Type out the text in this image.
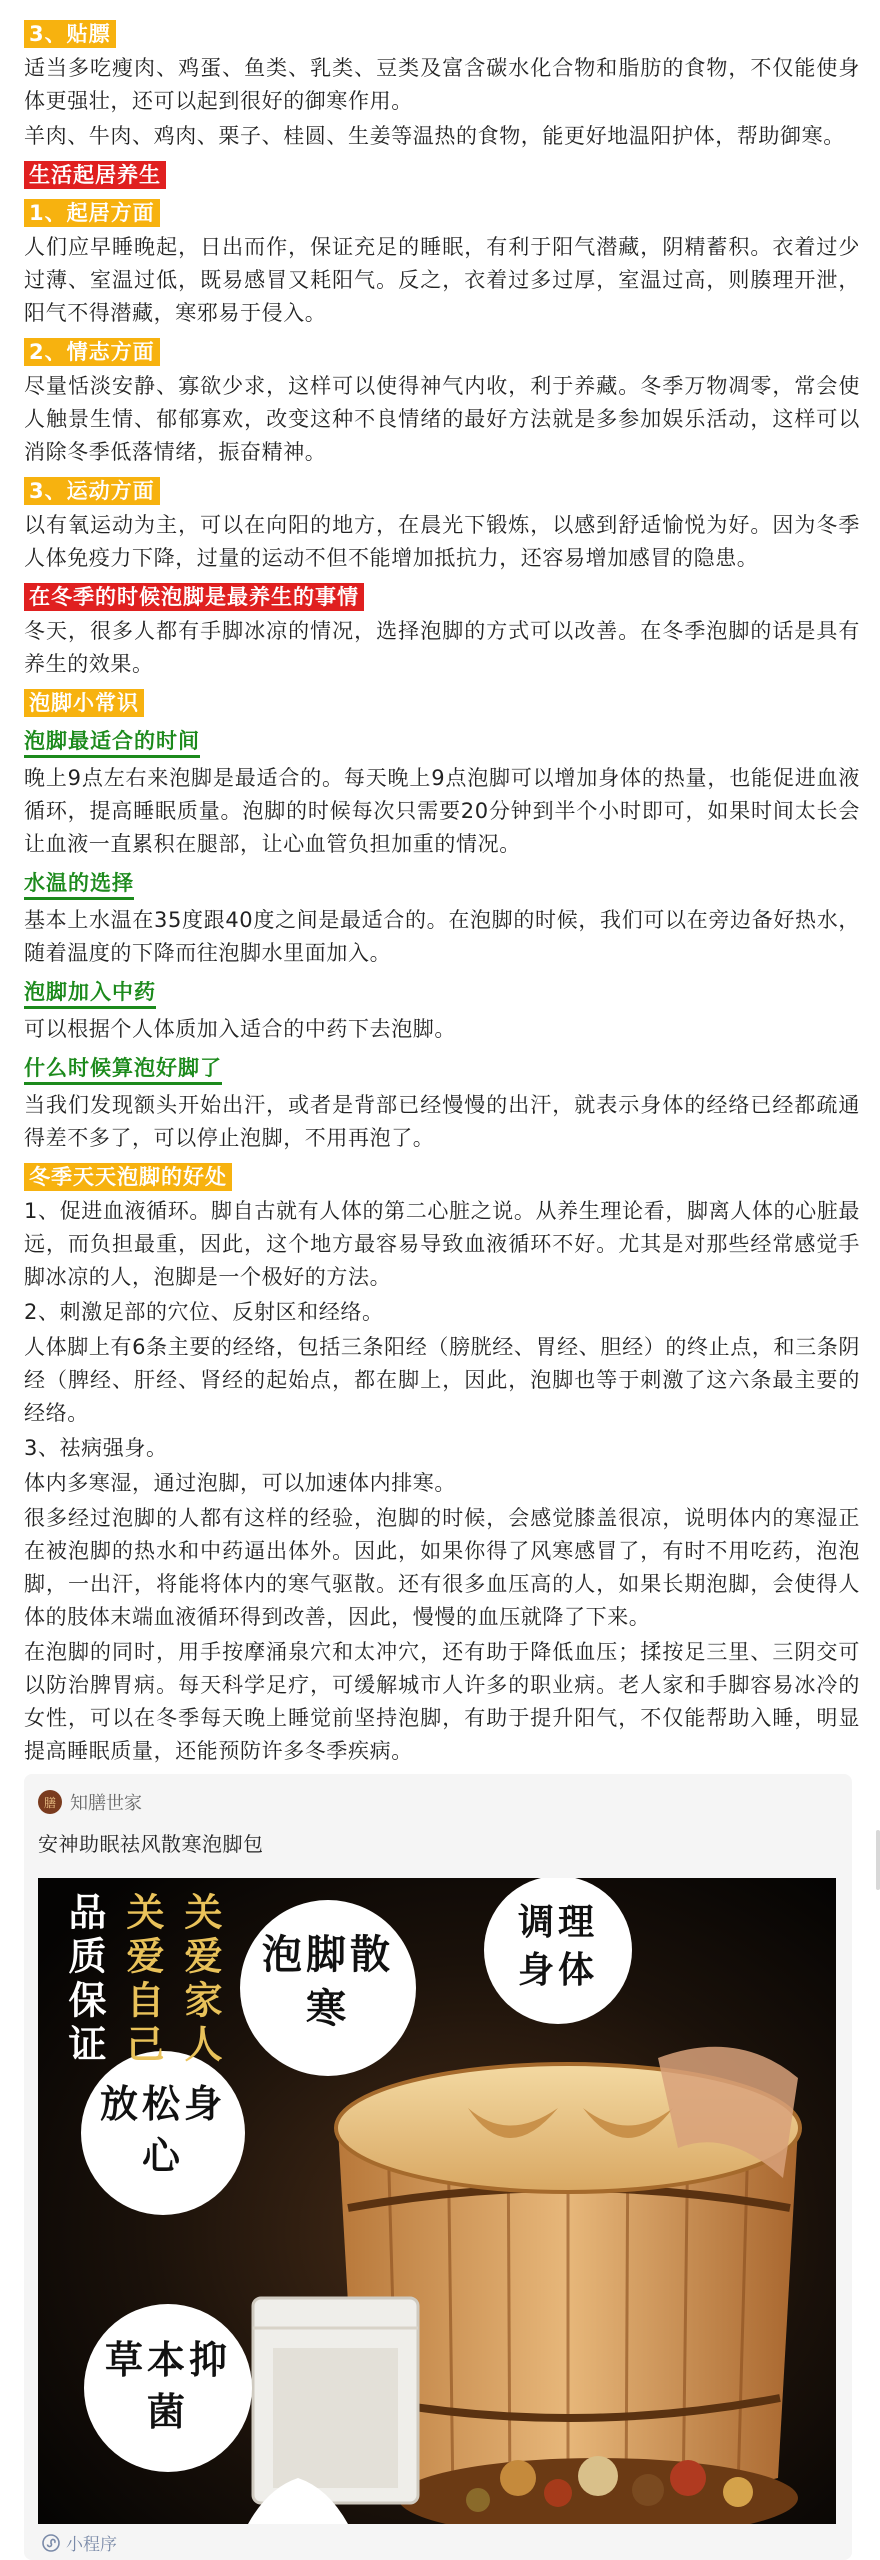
3、贴膘

适当多吃瘦肉、鸡蛋、鱼类、乳类、豆类及富含碳水化合物和脂肪的食物，不仅能使身体更强壮，还可以起到很好的御寒作用。

羊肉、牛肉、鸡肉、栗子、桂圆、生姜等温热的食物，能更好地温阳护体，帮助御寒。

生活起居养生
1、起居方面

人们应早睡晚起，日出而作，保证充足的睡眠，有利于阳气潜藏，阴精蓄积。衣着过少过薄、室温过低，既易感冒又耗阳气。反之，衣着过多过厚，室温过高，则腠理开泄，阳气不得潜藏，寒邪易于侵入。

2、情志方面

尽量恬淡安静、寡欲少求，这样可以使得神气内收，利于养藏。冬季万物凋零，常会使人触景生情、郁郁寡欢，改变这种不良情绪的最好方法就是多参加娱乐活动，这样可以消除冬季低落情绪，振奋精神。

3、运动方面

以有氧运动为主，可以在向阳的地方，在晨光下锻炼，以感到舒适愉悦为好。因为冬季人体免疫力下降，过量的运动不但不能增加抵抗力，还容易增加感冒的隐患。

在冬季的时候泡脚是最养生的事情

冬天，很多人都有手脚冰凉的情况，选择泡脚的方式可以改善。在冬季泡脚的话是具有养生的效果。

泡脚小常识
泡脚最适合的时间

晚上9点左右来泡脚是最适合的。每天晚上9点泡脚可以增加身体的热量，也能促进血液循环，提高睡眠质量。泡脚的时候每次只需要20分钟到半个小时即可，如果时间太长会让血液一直累积在腿部，让心血管负担加重的情况。

水温的选择

基本上水温在35度跟40度之间是最适合的。在泡脚的时候，我们可以在旁边备好热水，随着温度的下降而往泡脚水里面加入。

泡脚加入中药

可以根据个人体质加入适合的中药下去泡脚。

什么时候算泡好脚了

当我们发现额头开始出汗，或者是背部已经慢慢的出汗，就表示身体的经络已经都疏通得差不多了，可以停止泡脚，不用再泡了。

冬季天天泡脚的好处

1、促进血液循环。脚自古就有人体的第二心脏之说。从养生理论看，脚离人体的心脏最远，而负担最重，因此，这个地方最容易导致血液循环不好。尤其是对那些经常感觉手脚冰凉的人，泡脚是一个极好的方法。

2、刺激足部的穴位、反射区和经络。

人体脚上有6条主要的经络，包括三条阳经（膀胱经、胃经、胆经）的终止点，和三条阴经（脾经、肝经、肾经的起始点，都在脚上，因此，泡脚也等于刺激了这六条最主要的经络。

3、祛病强身。

体内多寒湿，通过泡脚，可以加速体内排寒。

很多经过泡脚的人都有这样的经验，泡脚的时候，会感觉膝盖很凉，说明体内的寒湿正在被泡脚的热水和中药逼出体外。因此，如果你得了风寒感冒了，有时不用吃药，泡泡脚，一出汗，将能将体内的寒气驱散。还有很多血压高的人，如果长期泡脚，会使得人体的肢体末端血液循环得到改善，因此，慢慢的血压就降了下来。

在泡脚的同时，用手按摩涌泉穴和太冲穴，还有助于降低血压；揉按足三里、三阴交可以防治脾胃病。每天科学足疗，可缓解城市人许多的职业病。老人家和手脚容易冰冷的女性，可以在冬季每天晚上睡觉前坚持泡脚，有助于提升阳气，不仅能帮助入睡，明显提高睡眠质量，还能预防许多冬季疾病。

膳 知膳世家
安神助眠祛风散寒泡脚包
品质保证 关爱自己 关爱家人 泡脚散寒
调理身体
放松身心
草本抑菌
小程序
